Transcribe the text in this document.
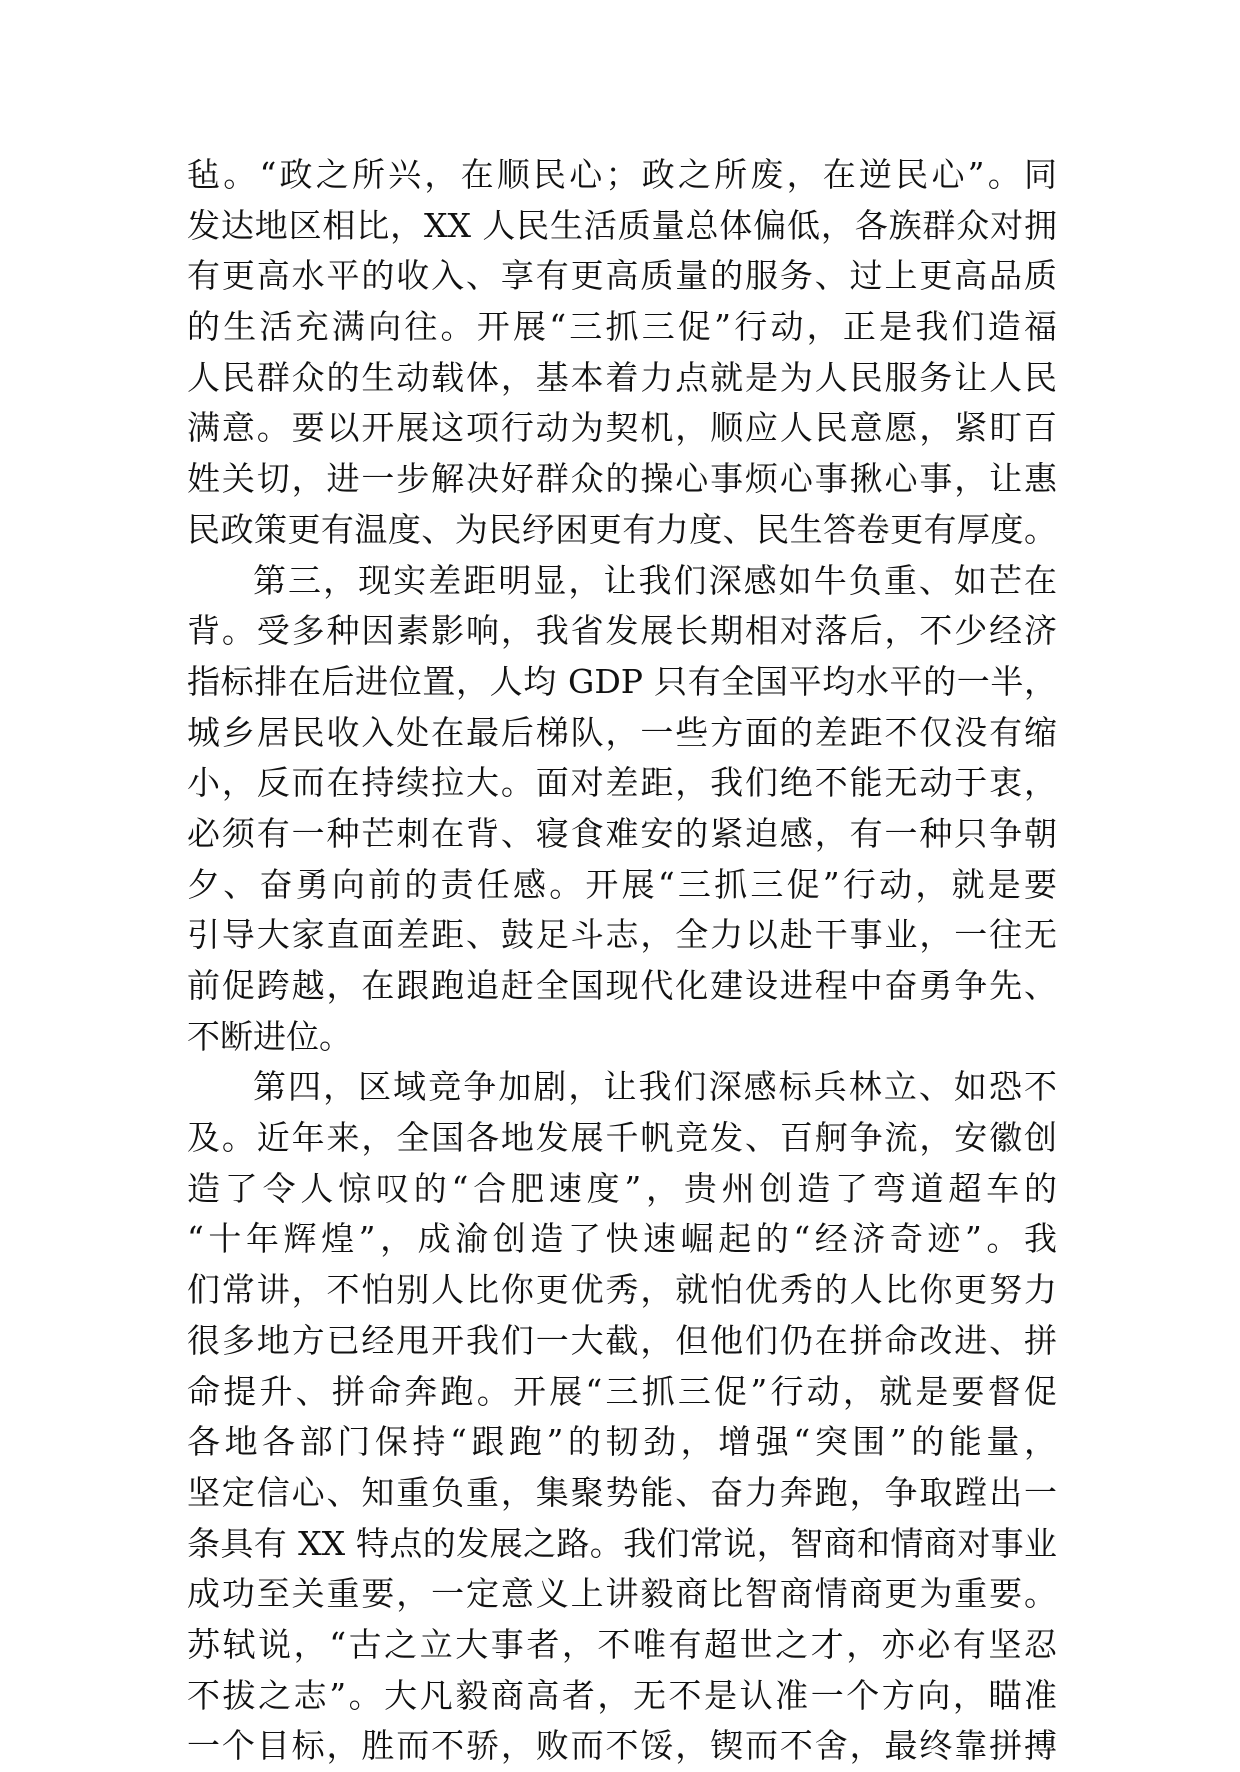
毡。“政之所兴，在顺民心；政之所废，在逆民心”。同
发达地区相比，XX 人民生活质量总体偏低，各族群众对拥
有更高水平的收入、享有更高质量的服务、过上更高品质
的生活充满向往。开展“三抓三促”行动，正是我们造福
人民群众的生动载体，基本着力点就是为人民服务让人民
满意。要以开展这项行动为契机，顺应人民意愿，紧盯百
姓关切，进一步解决好群众的操心事烦心事揪心事，让惠
民政策更有温度、为民纾困更有力度、民生答卷更有厚度。
第三，现实差距明显，让我们深感如牛负重、如芒在
背。受多种因素影响，我省发展长期相对落后，不少经济
指标排在后进位置，人均 GDP 只有全国平均水平的一半，
城乡居民收入处在最后梯队，一些方面的差距不仅没有缩
小，反而在持续拉大。面对差距，我们绝不能无动于衷，
必须有一种芒刺在背、寝食难安的紧迫感，有一种只争朝
夕、奋勇向前的责任感。开展“三抓三促”行动，就是要
引导大家直面差距、鼓足斗志，全力以赴干事业，一往无
前促跨越，在跟跑追赶全国现代化建设进程中奋勇争先、
不断进位。
第四，区域竞争加剧，让我们深感标兵林立、如恐不
及。近年来，全国各地发展千帆竞发、百舸争流，安徽创
造了令人惊叹的“合肥速度”，贵州创造了弯道超车的
“十年辉煌”，成渝创造了快速崛起的“经济奇迹”。我
们常讲，不怕别人比你更优秀，就怕优秀的人比你更努力
很多地方已经甩开我们一大截，但他们仍在拼命改进、拼
命提升、拼命奔跑。开展“三抓三促”行动，就是要督促
各地各部门保持“跟跑”的韧劲，增强“突围”的能量，
坚定信心、知重负重，集聚势能、奋力奔跑，争取蹚出一
条具有 XX 特点的发展之路。我们常说，智商和情商对事业
成功至关重要，一定意义上讲毅商比智商情商更为重要。
苏轼说，“古之立大事者，不唯有超世之才，亦必有坚忍
不拔之志”。大凡毅商高者，无不是认准一个方向，瞄准
一个目标，胜而不骄，败而不馁，锲而不舍，最终靠拼搏
